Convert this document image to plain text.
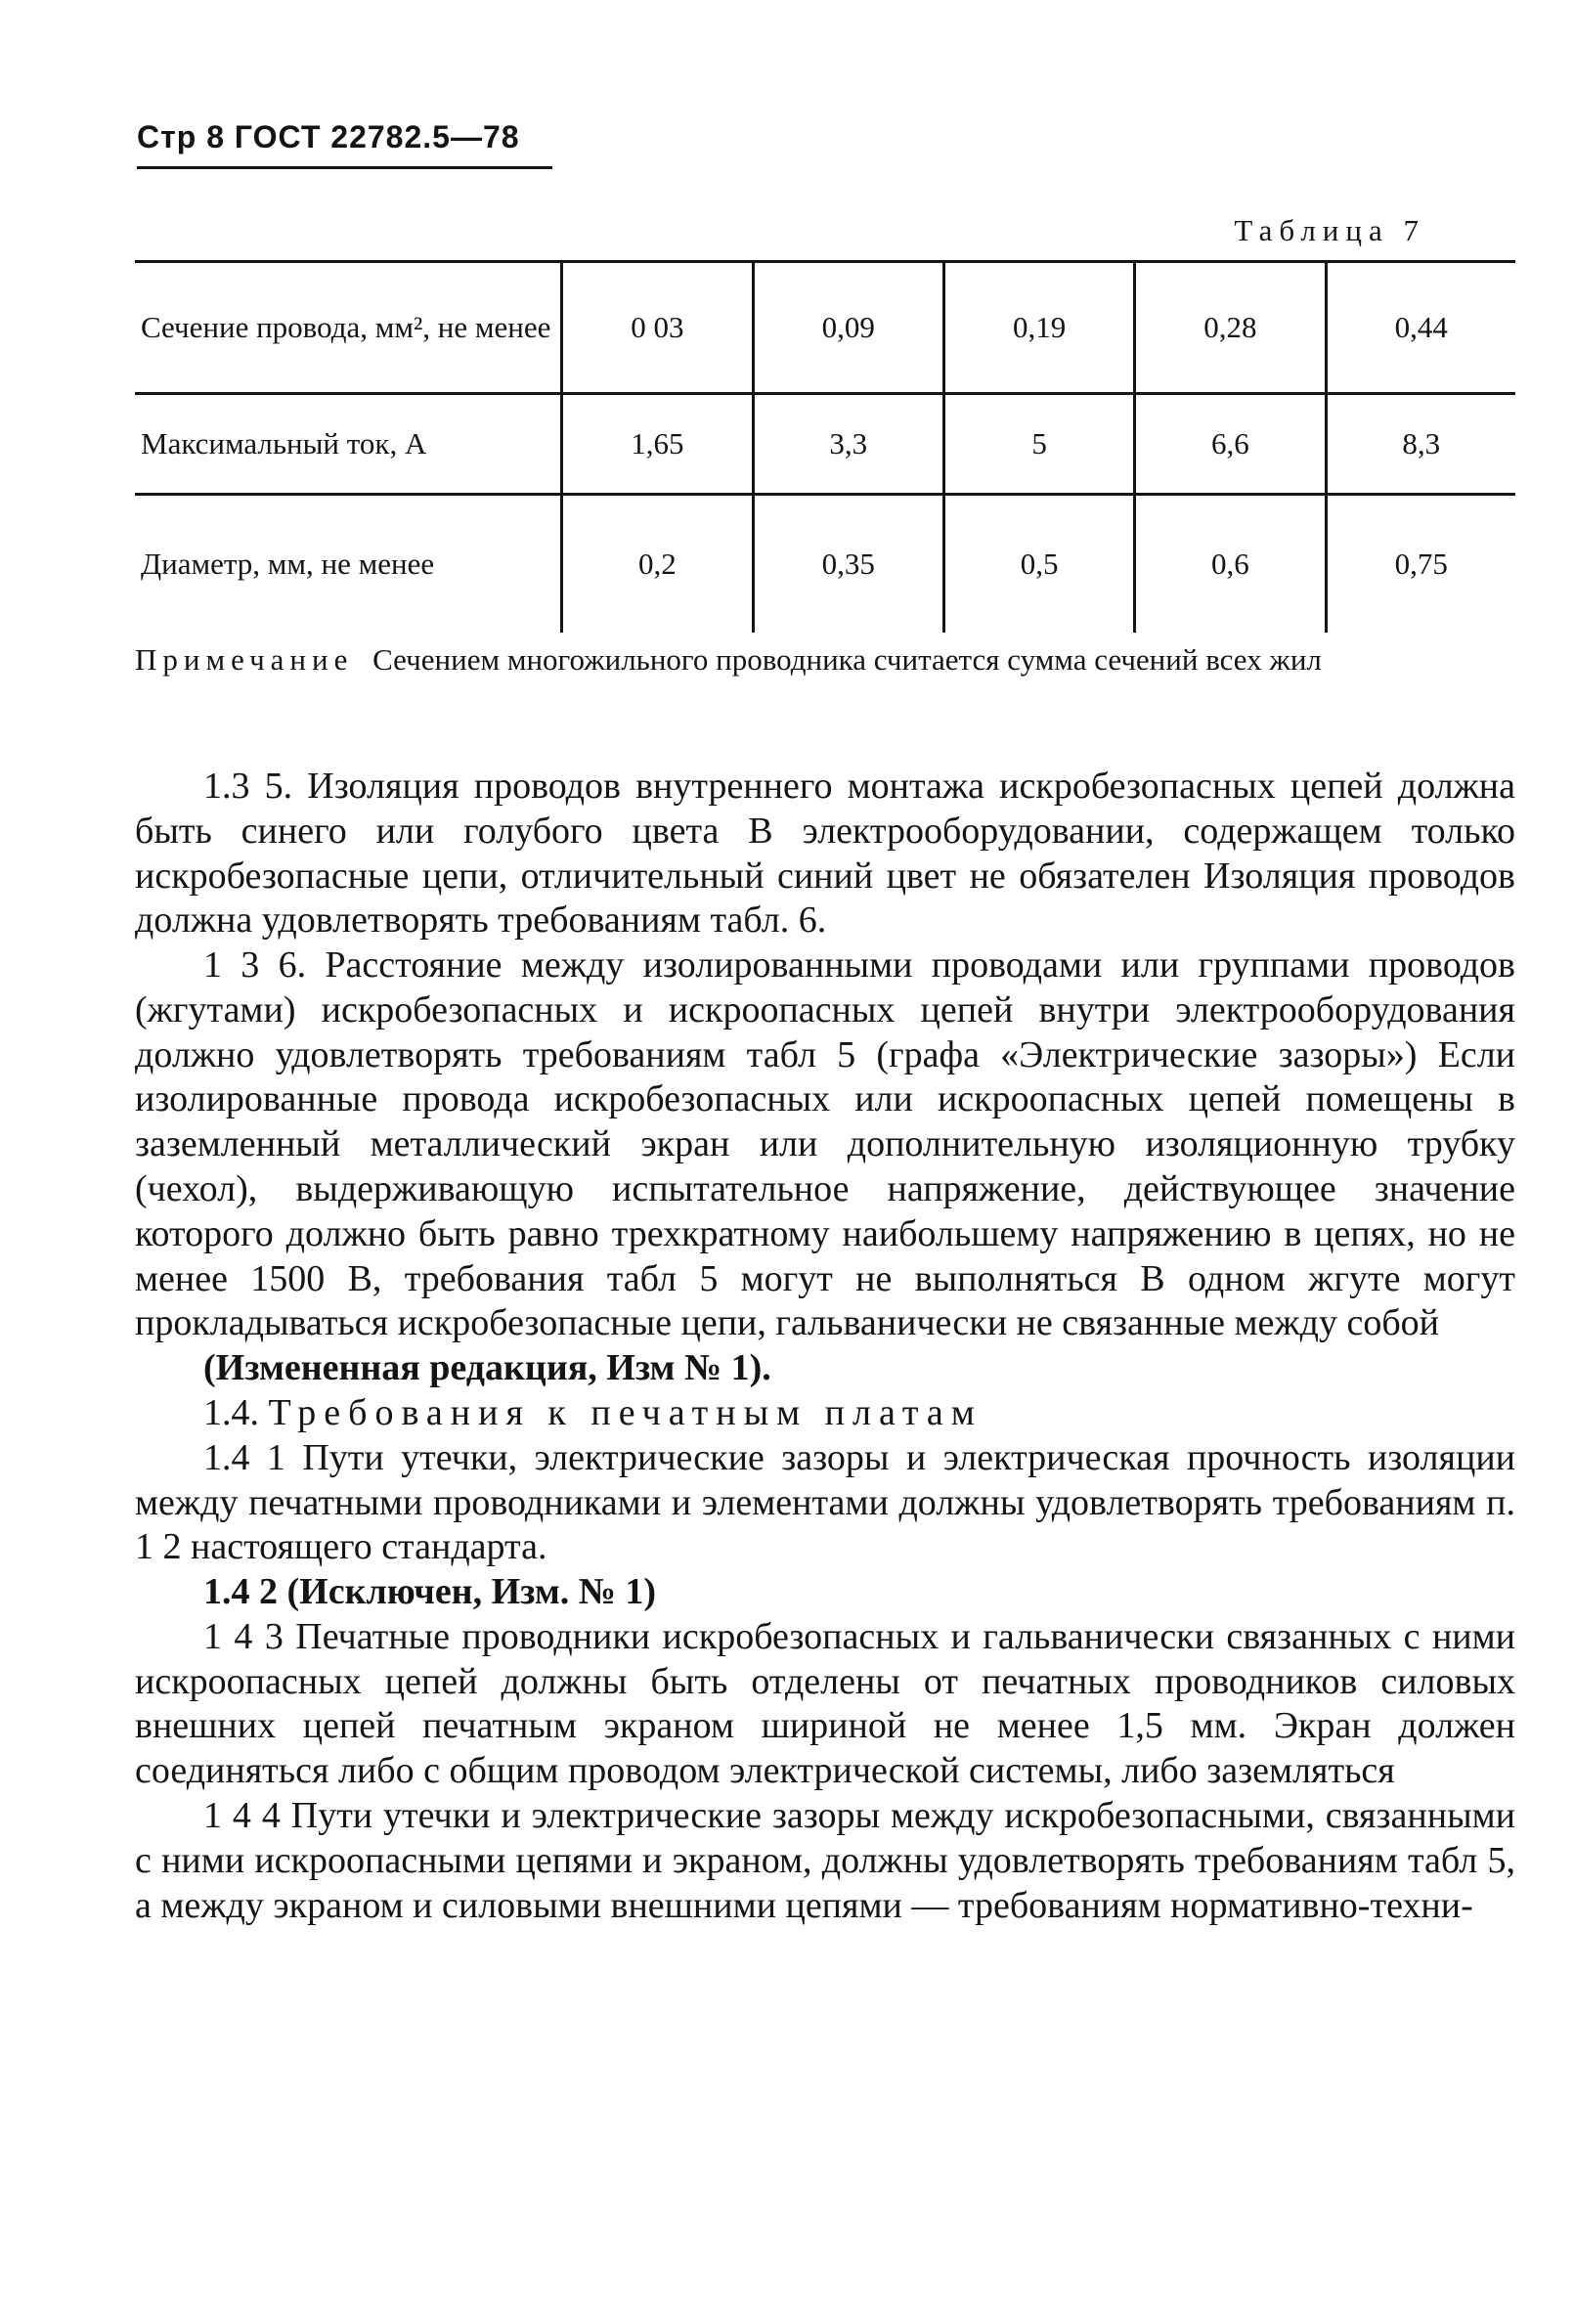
Стр 8 ГОСТ 22782.5—78
Таблица 7
Сечение провода, мм², не менее	0 03	0,09	0,19	0,28	0,44

Максимальный ток, А	1,65	3,3	5	6,6	8,3

Диаметр, мм, не менее	0,2	0,35	0,5	0,6	0,75
Примечание Сечением многожильного проводника считается сумма сечений всех жил

1.3 5. Изоляция проводов внутреннего монтажа искробезопасных цепей должна быть синего или голубого цвета В электрооборудовании, содержащем только искробезопасные цепи, отличительный синий цвет не обязателен Изоляция проводов должна удовлетворять требованиям табл. 6.

1 3 6. Расстояние между изолированными проводами или группами проводов (жгутами) искробезопасных и искроопасных цепей внутри электрооборудования должно удовлетворять требованиям табл 5 (графа «Электрические зазоры») Если изолированные провода искробезопасных или искроопасных цепей помещены в заземленный металлический экран или дополнительную изоляционную трубку (чехол), выдерживающую испытательное напряжение, действующее значение которого должно быть равно трехкратному наибольшему напряжению в цепях, но не менее 1500 В, требования табл 5 могут не выполняться В одном жгуте могут прокладываться искробезопасные цепи, гальванически не связанные между собой

(Измененная редакция, Изм № 1).

1.4. Требования к печатным платам

1.4 1 Пути утечки, электрические зазоры и электрическая прочность изоляции между печатными проводниками и элементами должны удовлетворять требованиям п. 1 2 настоящего стандарта.

1.4 2 (Исключен, Изм. № 1)

1 4 3 Печатные проводники искробезопасных и гальванически связанных с ними искроопасных цепей должны быть отделены от печатных проводников силовых внешних цепей печатным экраном шириной не менее 1,5 мм. Экран должен соединяться либо с общим проводом электрической системы, либо заземляться

1 4 4 Пути утечки и электрические зазоры между искробезопасными, связанными с ними искроопасными цепями и экраном, должны удовлетворять требованиям табл 5, а между экраном и силовыми внешними цепями — требованиям нормативно-техни-
